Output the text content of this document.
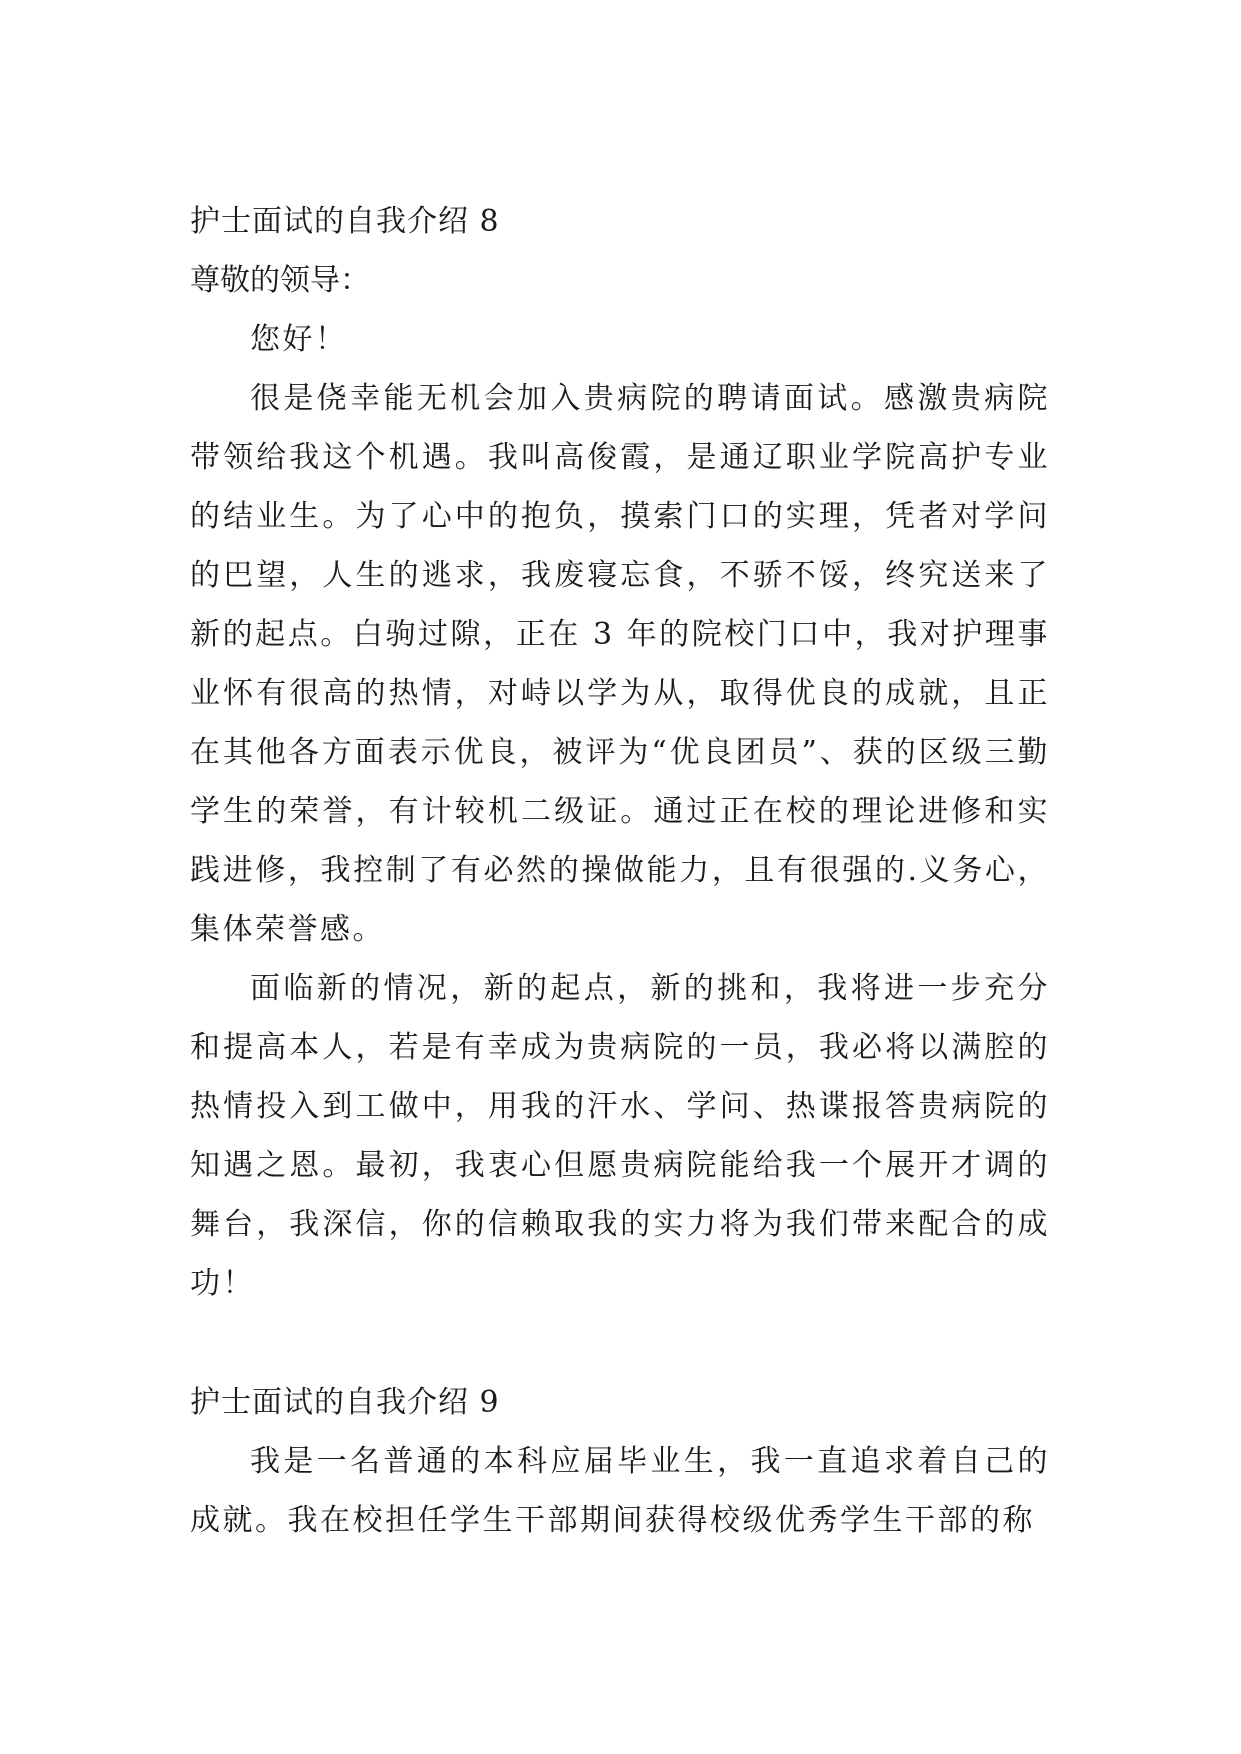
护士面试的自我介绍 8

尊敬的领导：

您好！

很是侥幸能无机会加入贵病院的聘请面试。感激贵病院带领给我这个机遇。我叫高俊霞，是通辽职业学院高护专业的结业生。为了心中的抱负，摸索门口的实理，凭者对学问的巴望，人生的逃求，我废寝忘食，不骄不馁，终究送来了新的起点。白驹过隙，正在 3 年的院校门口中，我对护理事业怀有很高的热情，对峙以学为从，取得优良的成就，且正在其他各方面表示优良，被评为“优良团员”、获的区级三勤学生的荣誉，有计较机二级证。通过正在校的理论进修和实践进修，我控制了有必然的操做能力，且有很强的.义务心，集体荣誉感。

面临新的情况，新的起点，新的挑和，我将进一步充分和提高本人，若是有幸成为贵病院的一员，我必将以满腔的热情投入到工做中，用我的汗水、学问、热谍报答贵病院的知遇之恩。最初，我衷心但愿贵病院能给我一个展开才调的舞台，我深信，你的信赖取我的实力将为我们带来配合的成功！

护士面试的自我介绍 9

我是一名普通的本科应届毕业生，我一直追求着自己的成就。我在校担任学生干部期间获得校级优秀学生干部的称
